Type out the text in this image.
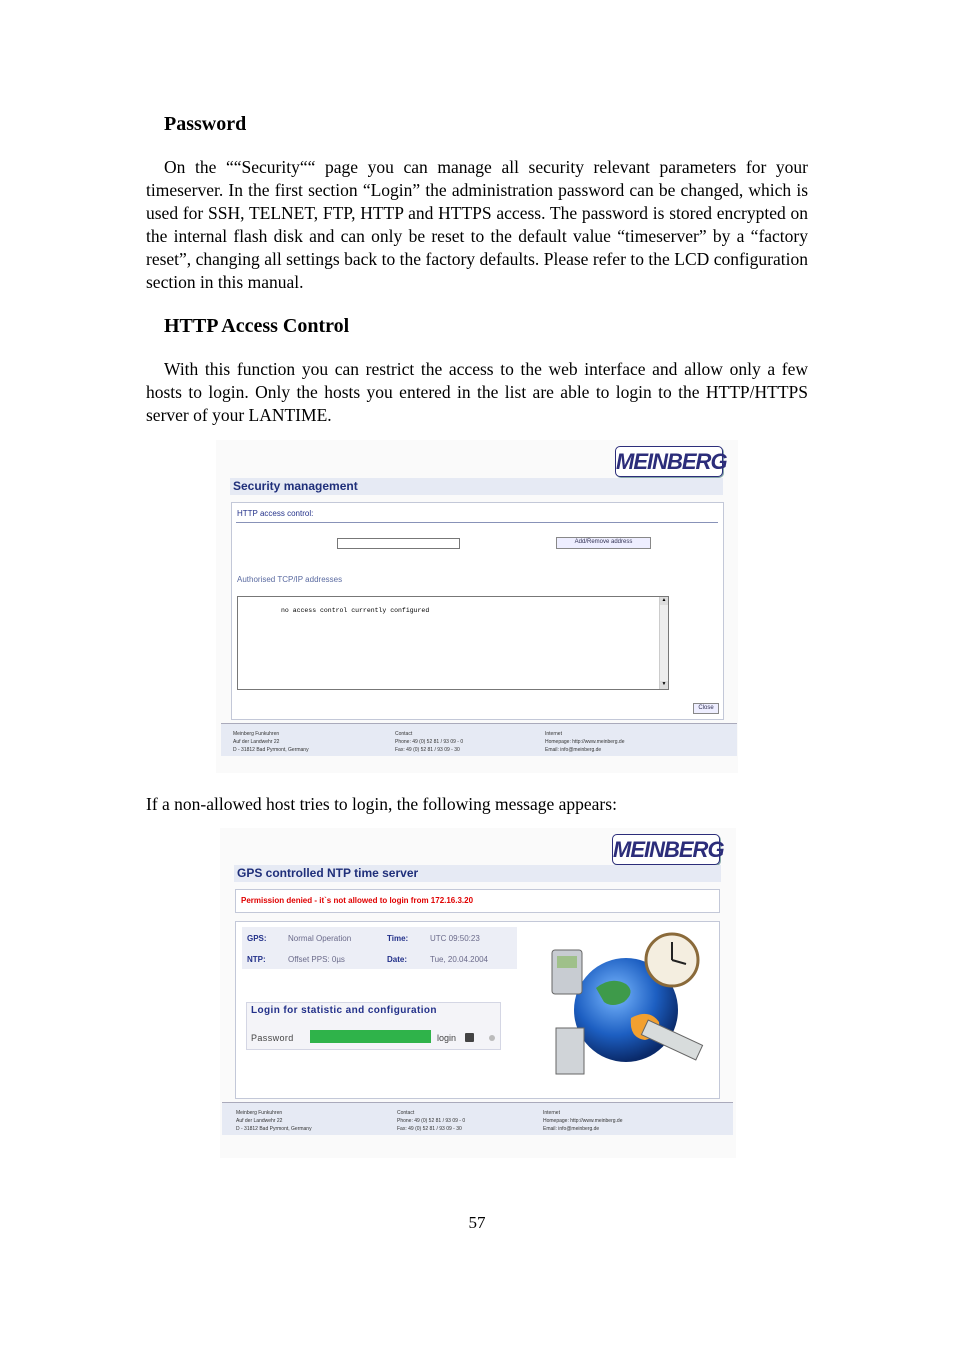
Password

On the ““Security““ page you can manage all security relevant parameters for your timeserver. In the first section “Login” the administration password can be changed, which is used for SSH, TELNET, FTP, HTTP and HTTPS access. The password is stored encrypted on the internal flash disk and can only be reset to the default value “timeserver” by a “factory reset”, changing all settings back to the factory defaults. Please refer to the LCD configuration section in this manual.

HTTP Access Control

With this function you can restrict the access to the web interface and allow only a few hosts to login. Only the hosts you entered in the list are able to login to the HTTP/HTTPS server of your LANTIME.

MEINBERG
Security management
HTTP access control:
Add/Remove address
Authorised TCP/IP addresses
no access control currently configured
▲
▼
Close
Meinberg Funkuhren
Auf der Landwehr 22
D - 31812 Bad Pyrmont, Germany
Contact
Phone: 49 (0) 52 81 / 93 09 - 0
Fax: 49 (0) 52 81 / 93 09 - 30
Internet
Homepage: http://www.meinberg.de
Email: info@meinberg.de

If a non-allowed host tries to login, the following message appears:

MEINBERG
GPS controlled NTP time server
Permission denied - it`s not allowed to login from 172.16.3.20
GPS:	Normal Operation	Time:	UTC 09:50:23
NTP:	Offset PPS: 0µs	Date:	Tue, 20.04.2004
Login for statistic and configuration
Password	login
Meinberg Funkuhren
Auf der Landwehr 22
D - 31812 Bad Pyrmont, Germany
Contact
Phone: 49 (0) 52 81 / 93 09 - 0
Fax: 49 (0) 52 81 / 93 09 - 30
Internet
Homepage: http://www.meinberg.de
Email: info@meinberg.de
57
